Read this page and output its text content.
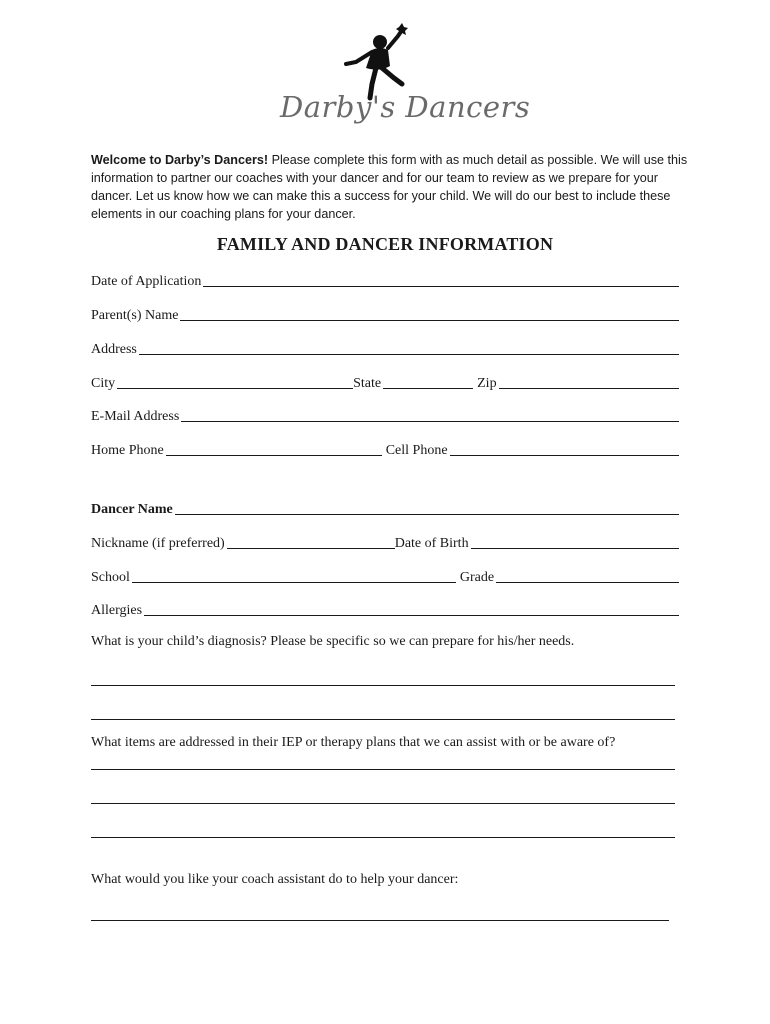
Darby's Dancers
Welcome to Darby’s Dancers! Please complete this form with as much detail as possible. We will use this information to partner our coaches with your dancer and for our team to review as we prepare for your dancer. Let us know how we can make this a success for your child. We will do our best to include these elements in our coaching plans for your dancer.
FAMILY AND DANCER INFORMATION
Date of Application
Parent(s) Name
Address
City	State	Zip
E-Mail Address
Home Phone	Cell Phone
Dancer Name
Nickname (if preferred)	Date of Birth
School	Grade
Allergies
What is your child’s diagnosis? Please be specific so we can prepare for his/her needs.
What items are addressed in their IEP or therapy plans that we can assist with or be aware of?
What would you like your coach assistant do to help your dancer:
